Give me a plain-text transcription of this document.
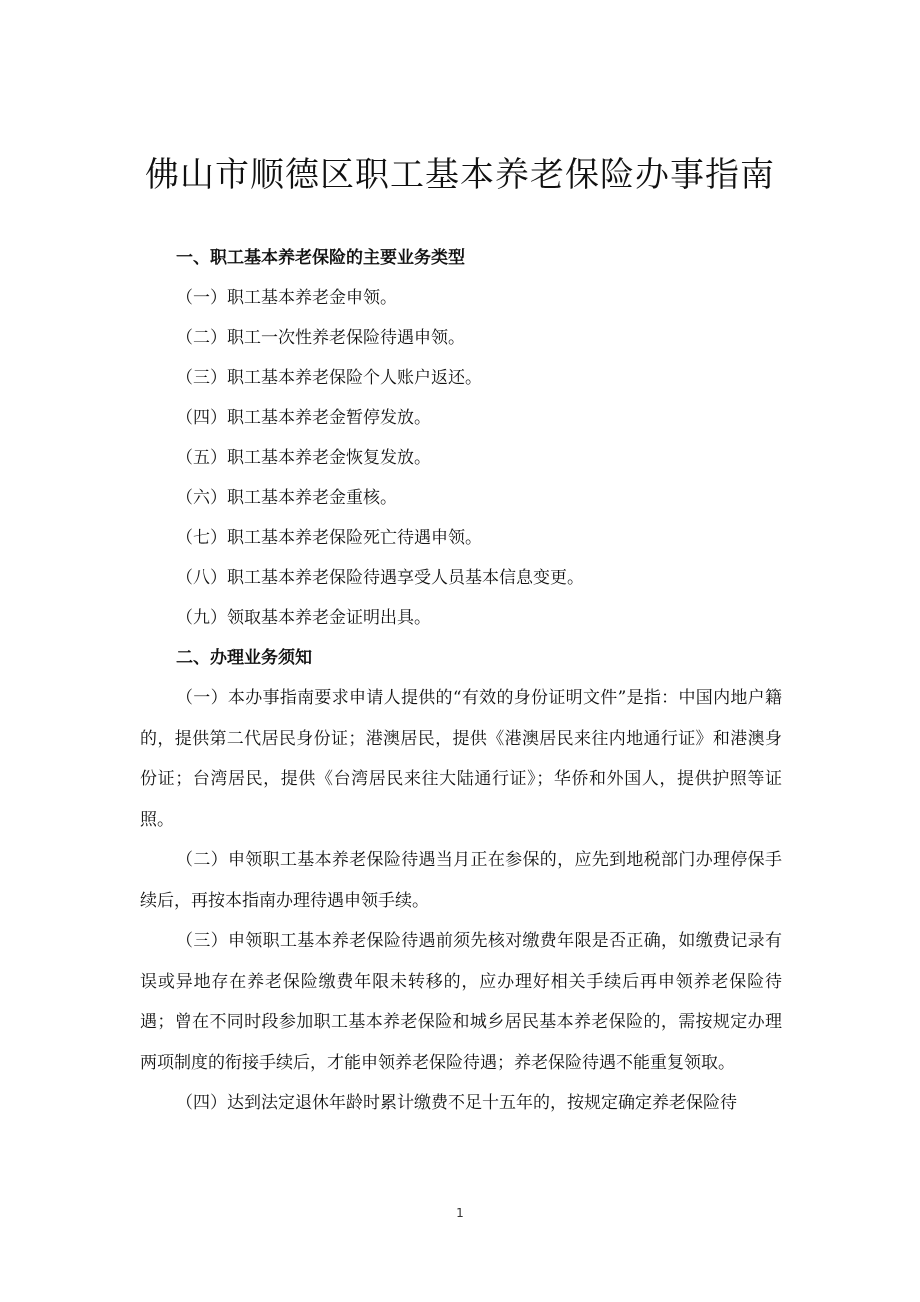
佛山市顺德区职工基本养老保险办事指南

一、职工基本养老保险的主要业务类型

（一）职工基本养老金申领。

（二）职工一次性养老保险待遇申领。

（三）职工基本养老保险个人账户返还。

（四）职工基本养老金暂停发放。

（五）职工基本养老金恢复发放。

（六）职工基本养老金重核。

（七）职工基本养老保险死亡待遇申领。

（八）职工基本养老保险待遇享受人员基本信息变更。

（九）领取基本养老金证明出具。

二、办理业务须知

（一）本办事指南要求申请人提供的“有效的身份证明文件”是指：中国内地户籍的，提供第二代居民身份证；港澳居民，提供《港澳居民来往内地通行证》和港澳身份证；台湾居民，提供《台湾居民来往大陆通行证》；华侨和外国人，提供护照等证照。

（二）申领职工基本养老保险待遇当月正在参保的，应先到地税部门办理停保手续后，再按本指南办理待遇申领手续。

（三）申领职工基本养老保险待遇前须先核对缴费年限是否正确，如缴费记录有误或异地存在养老保险缴费年限未转移的，应办理好相关手续后再申领养老保险待遇；曾在不同时段参加职工基本养老保险和城乡居民基本养老保险的，需按规定办理两项制度的衔接手续后，才能申领养老保险待遇；养老保险待遇不能重复领取。

（四）达到法定退休年龄时累计缴费不足十五年的，按规定确定养老保险待

1
